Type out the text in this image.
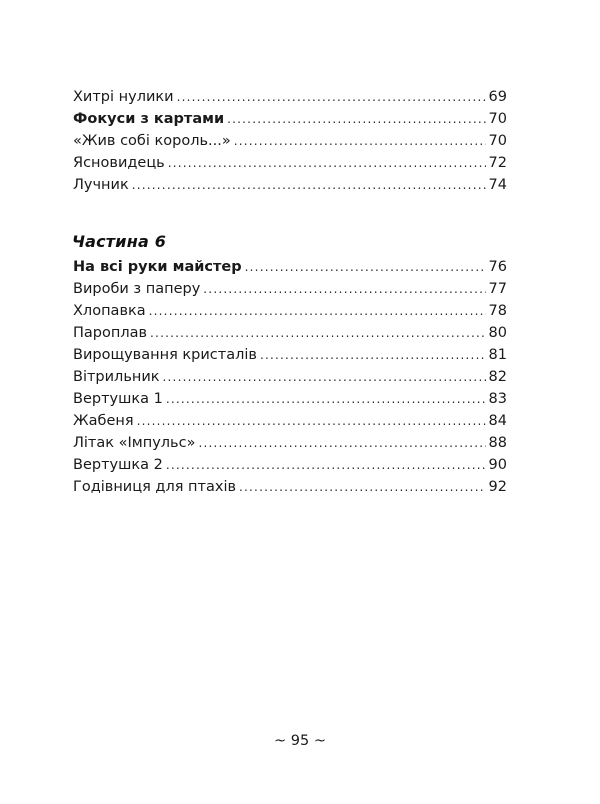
Хитрі нулики .....	69
Фокуси з картами .....	70
«Жив собі король...» .....	70
Ясновидець .....	72
Лучник .....	74
Частина 6
На всі руки майстер .....	76
Вироби з паперу .....	77
Хлопавка .....	78
Пароплав .....	80
Вирощування кристалів .....	81
Вітрильник .....	82
Вертушка 1 .....	83
Жабеня .....	84
Літак «Імпульс» .....	88
Вертушка 2 .....	90
Годівниця для птахів .....	92
~ 95 ~
